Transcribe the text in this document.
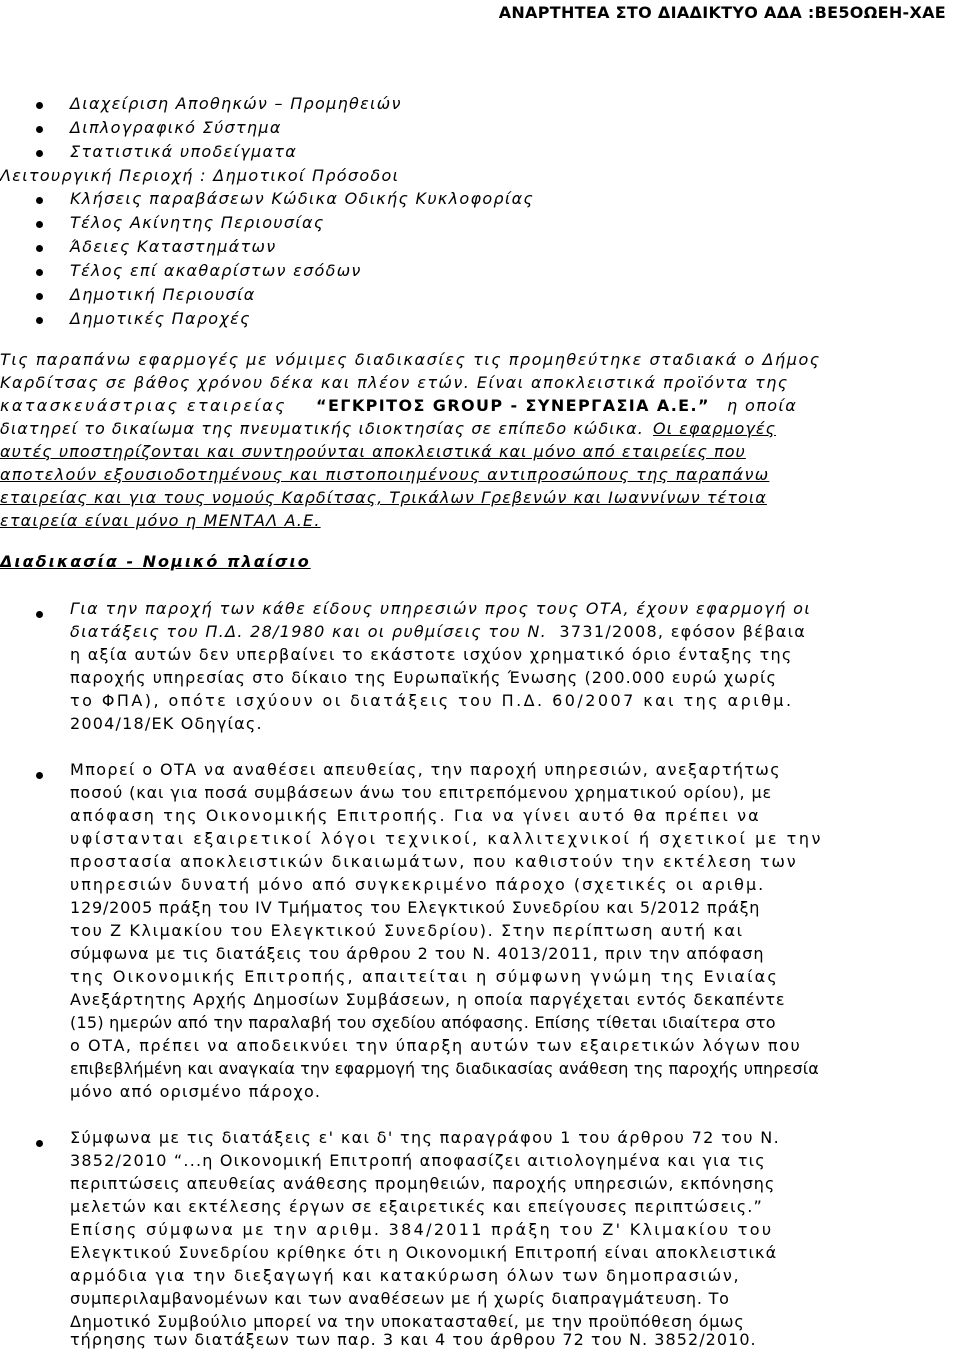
ΑΝΑΡΤΗΤΕΑ ΣΤΟ ΔΙΑΔΙΚΤΥΟ ΑΔΑ :ΒΕ5ΟΩΕΗ-ΧΑΕ
Διαχείριση Αποθηκών – Προμηθειών
Διπλογραφικό Σύστημα
Στατιστικά υποδείγματα
Λειτουργική Περιοχή : Δημοτικοί Πρόσοδοι
Κλήσεις παραβάσεων Κώδικα Οδικής Κυκλοφορίας
Τέλος Ακίνητης Περιουσίας
Άδειες Καταστημάτων
Τέλος επί ακαθαρίστων εσόδων
Δημοτική Περιουσία
Δημοτικές Παροχές
Τις παραπάνω εφαρμογές με νόμιμες διαδικασίες τις προμηθεύτηκε σταδιακά ο Δήμος
Καρδίτσας σε βάθος χρόνου δέκα και πλέον ετών. Είναι αποκλειστικά προϊόντα της
κατασκευάστριας εταιρείας “ΕΓΚΡΙΤΟΣ GROUP - ΣΥΝΕΡΓΑΣΙΑ Α.Ε.” η οποία
διατηρεί το δικαίωμα της πνευματικής ιδιοκτησίας σε επίπεδο κώδικα. Οι εφαρμογές
αυτές υποστηρίζονται και συντηρούνται αποκλειστικά και μόνο από εταιρείες που
αποτελούν εξουσιοδοτημένους και πιστοποιημένους αντιπροσώπους της παραπάνω
εταιρείας και για τους νομούς Καρδίτσας, Τρικάλων Γρεβενών και Ιωαννίνων τέτοια
εταιρεία είναι μόνο η ΜΕΝΤΑΛ Α.Ε.
Διαδικασία - Νομικό πλαίσιο
Για την παροχή των κάθε είδους υπηρεσιών προς τους ΟΤΑ, έχουν εφαρμογή οι
διατάξεις του Π.Δ. 28/1980 και οι ρυθμίσεις του Ν. 3731/2008, εφόσον βέβαια
η αξία αυτών δεν υπερβαίνει το εκάστοτε ισχύον χρηματικό όριο ένταξης της
παροχής υπηρεσίας στο δίκαιο της Ευρωπαϊκής Ένωσης (200.000 ευρώ χωρίς
το ΦΠΑ), οπότε ισχύουν οι διατάξεις του Π.Δ. 60/2007 και της αριθμ.
2004/18/ΕΚ Οδηγίας.
Μπορεί ο ΟΤΑ να αναθέσει απευθείας, την παροχή υπηρεσιών, ανεξαρτήτως
ποσού (και για ποσά συμβάσεων άνω του επιτρεπόμενου χρηματικού ορίου), με
απόφαση της Οικονομικής Επιτροπής. Για να γίνει αυτό θα πρέπει να
υφίστανται εξαιρετικοί λόγοι τεχνικοί, καλλιτεχνικοί ή σχετικοί με την
προστασία αποκλειστικών δικαιωμάτων, που καθιστούν την εκτέλεση των
υπηρεσιών δυνατή μόνο από συγκεκριμένο πάροχο (σχετικές οι αριθμ.
129/2005 πράξη του ΙV Τμήματος του Ελεγκτικού Συνεδρίου και 5/2012 πράξη
του Ζ Κλιμακίου του Ελεγκτικού Συνεδρίου). Στην περίπτωση αυτή και
σύμφωνα με τις διατάξεις του άρθρου 2 του Ν. 4013/2011, πριν την απόφαση
της Οικονομικής Επιτροπής, απαιτείται η σύμφωνη γνώμη της Ενιαίας
Ανεξάρτητης Αρχής Δημοσίων Συμβάσεων, η οποία παργέχεται εντός δεκαπέντε
(15) ημερών από την παραλαβή του σχεδίου απόφασης. Επίσης τίθεται ιδιαίτερα στο
ο ΟΤΑ, πρέπει να αποδεικνύει την ύπαρξη αυτών των εξαιρετικών λόγων που
επιβεβλήμένη και αναγκαία την εφαρμογή της διαδικασίας ανάθεση της παροχής υπηρεσία
μόνο από ορισμένο πάροχο.
Σύμφωνα με τις διατάξεις ε' και δ' της παραγράφου 1 του άρθρου 72 του Ν.
3852/2010 “...η Οικονομική Επιτροπή αποφασίζει αιτιολογημένα και για τις
περιπτώσεις απευθείας ανάθεσης προμηθειών, παροχής υπηρεσιών, εκπόνησης
μελετών και εκτέλεσης έργων σε εξαιρετικές και επείγουσες περιπτώσεις.”
Επίσης σύμφωνα με την αριθμ. 384/2011 πράξη του Ζ' Κλιμακίου του
Ελεγκτικού Συνεδρίου κρίθηκε ότι η Οικονομική Επιτροπή είναι αποκλειστικά
αρμόδια για την διεξαγωγή και κατακύρωση όλων των δημοπρασιών,
συμπεριλαμβανομένων και των αναθέσεων με ή χωρίς διαπραγμάτευση. Το
Δημοτικό Συμβούλιο μπορεί να την υποκατασταθεί, με την προϋπόθεση όμως
τήρησης των διατάξεων των παρ. 3 και 4 του άρθρου 72 του Ν. 3852/2010.
